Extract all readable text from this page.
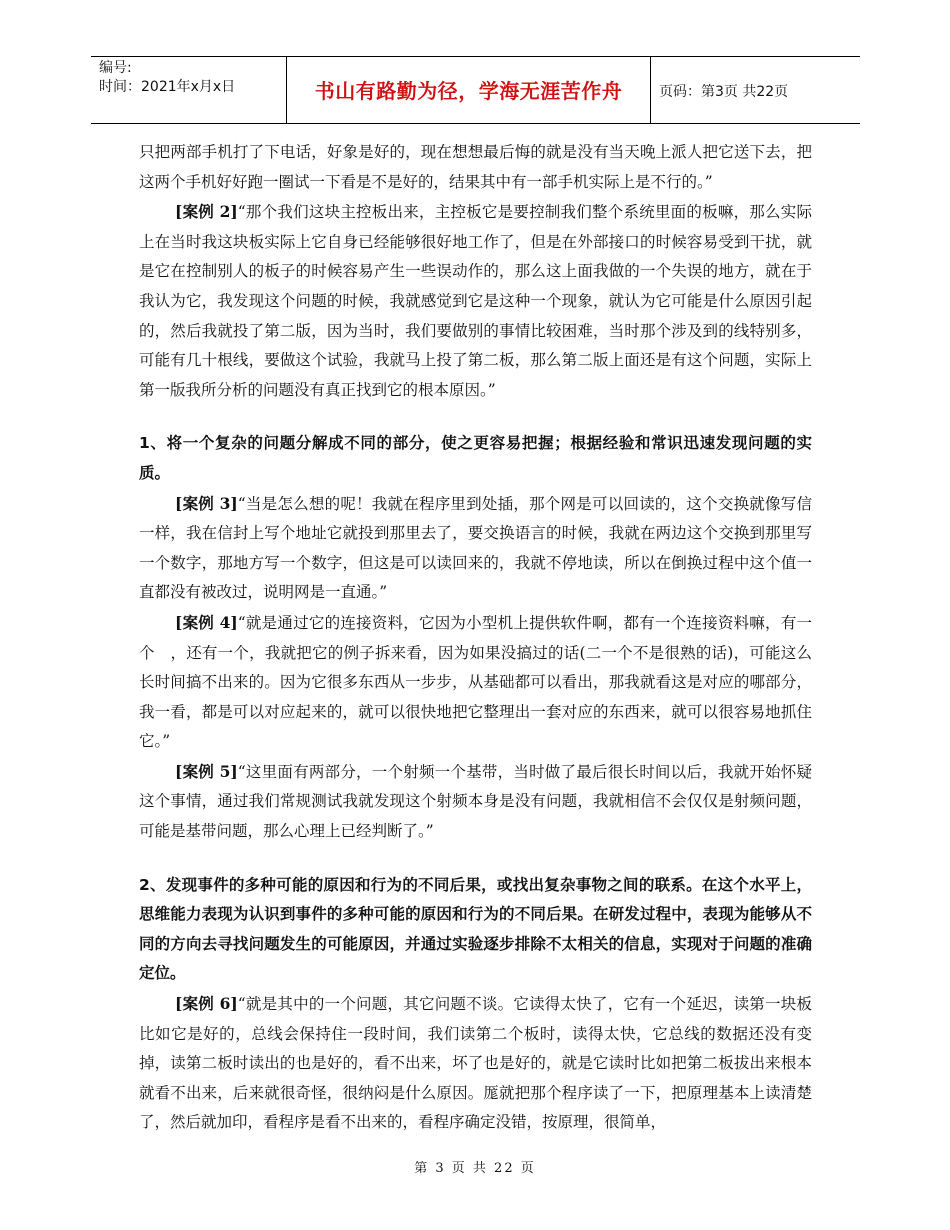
编号:
时间：2021年x月x日	书山有路勤为径，学海无涯苦作舟	页码：第3页 共22页

只把两部手机打了下电话，好象是好的，现在想想最后悔的就是没有当天晚上派人把它送下去，把这两个手机好好跑一圈试一下看是不是好的，结果其中有一部手机实际上是不行的。”

[案例 2]“那个我们这块主控板出来，主控板它是要控制我们整个系统里面的板嘛，那么实际上在当时我这块板实际上它自身已经能够很好地工作了，但是在外部接口的时候容易受到干扰，就是它在控制别人的板子的时候容易产生一些误动作的，那么这上面我做的一个失误的地方，就在于我认为它，我发现这个问题的时候，我就感觉到它是这种一个现象，就认为它可能是什么原因引起的，然后我就投了第二版，因为当时，我们要做别的事情比较困难，当时那个涉及到的线特别多，可能有几十根线，要做这个试验，我就马上投了第二板，那么第二版上面还是有这个问题，实际上第一版我所分析的问题没有真正找到它的根本原因。”

1、将一个复杂的问题分解成不同的部分，使之更容易把握；根据经验和常识迅速发现问题的实质。

[案例 3]“当是怎么想的呢！我就在程序里到处插，那个网是可以回读的，这个交换就像写信一样，我在信封上写个地址它就投到那里去了，要交换语言的时候，我就在两边这个交换到那里写一个数字，那地方写一个数字，但这是可以读回来的，我就不停地读，所以在倒换过程中这个值一直都没有被改过，说明网是一直通。”

[案例 4]“就是通过它的连接资料，它因为小型机上提供软件啊，都有一个连接资料嘛，有一个　，还有一个，我就把它的例子拆来看，因为如果没搞过的话(二一个不是很熟的话)，可能这么长时间搞不出来的。因为它很多东西从一步步，从基础都可以看出，那我就看这是对应的哪部分，我一看，都是可以对应起来的，就可以很快地把它整理出一套对应的东西来，就可以很容易地抓住它。”

[案例 5]“这里面有两部分，一个射频一个基带，当时做了最后很长时间以后，我就开始怀疑这个事情，通过我们常规测试我就发现这个射频本身是没有问题，我就相信不会仅仅是射频问题，可能是基带问题，那么心理上已经判断了。”

2、发现事件的多种可能的原因和行为的不同后果，或找出复杂事物之间的联系。在这个水平上，思维能力表现为认识到事件的多种可能的原因和行为的不同后果。在研发过程中，表现为能够从不同的方向去寻找问题发生的可能原因，并通过实验逐步排除不太相关的信息，实现对于问题的准确定位。

[案例 6]“就是其中的一个问题，其它问题不谈。它读得太快了，它有一个延迟，读第一块板比如它是好的，总线会保持住一段时间，我们读第二个板时，读得太快，它总线的数据还没有变掉，读第二板时读出的也是好的，看不出来，坏了也是好的，就是它读时比如把第二板拔出来根本就看不出来，后来就很奇怪，很纳闷是什么原因。厖就把那个程序读了一下，把原理基本上读清楚了，然后就加印，看程序是看不出来的，看程序确定没错，按原理，很简单，

第 3 页 共 22 页
